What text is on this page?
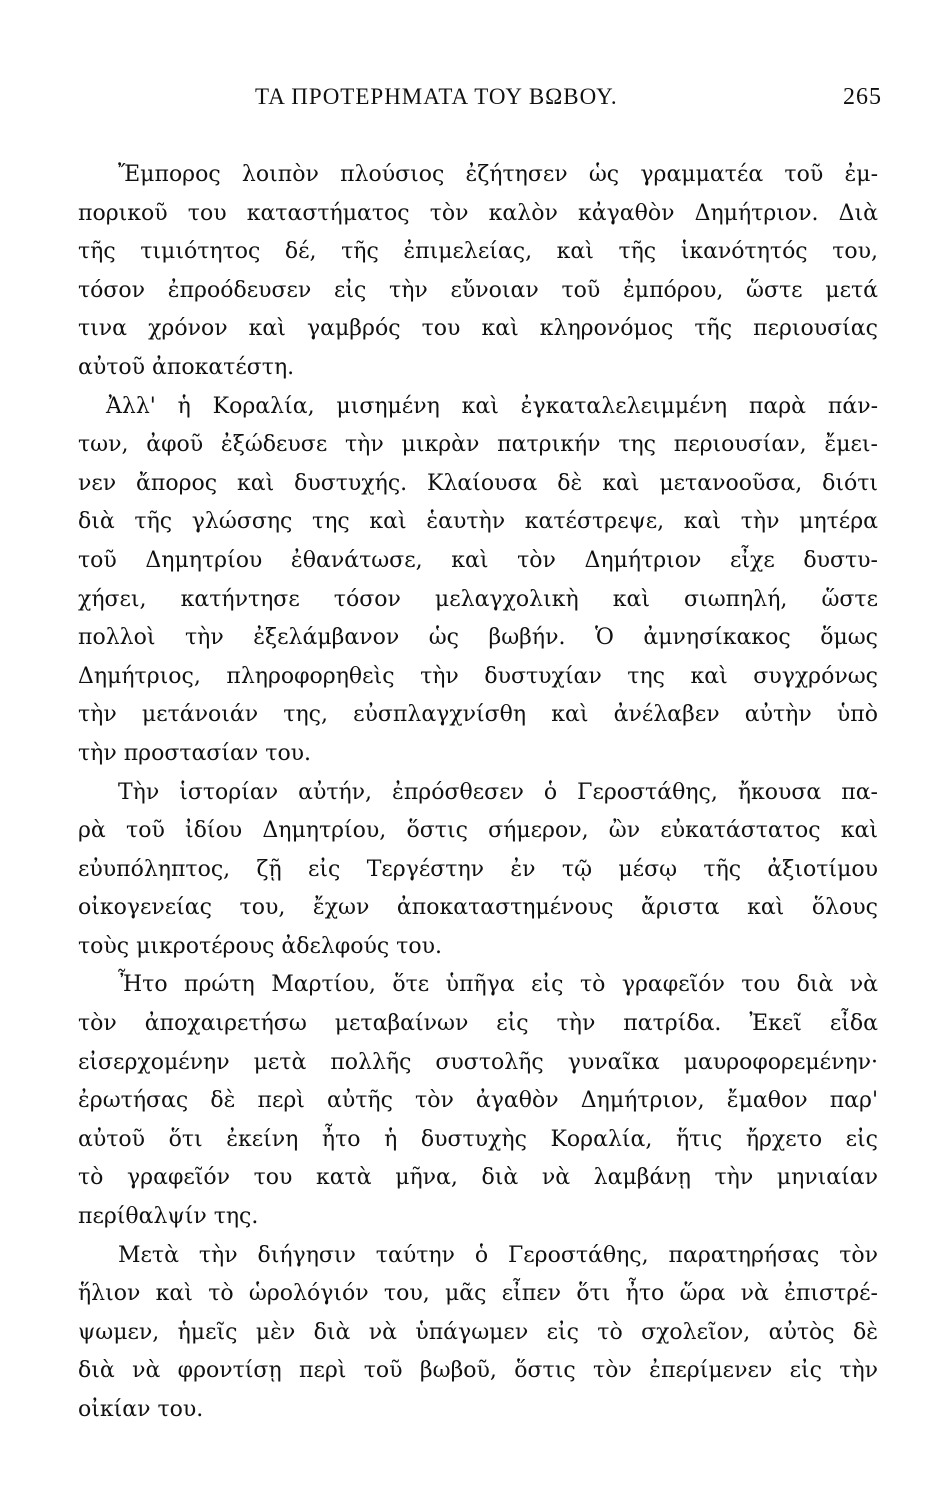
ΤΑ ΠΡΟΤΕΡΗΜΑΤΑ ΤΟΥ ΒΩΒΟΥ.	265
Ἔμπορος λοιπὸν πλούσιος ἐζήτησεν ὡς γραμματέα τοῦ ἐμ-
πορικοῦ του καταστήματος τὸν καλὸν κἀγαθὸν Δημήτριον. Διὰ
τῆς τιμιότητος δέ, τῆς ἐπιμελείας, καὶ τῆς ἱκανότητός του,
τόσον ἐπροόδευσεν εἰς τὴν εὔνοιαν τοῦ ἐμπόρου, ὥστε μετά
τινα χρόνον καὶ γαμβρός του καὶ κληρονόμος τῆς περιουσίας
αὐτοῦ ἀποκατέστη.
Ἀλλ' ἡ Κοραλία, μισημένη καὶ ἐγκαταλελειμμένη παρὰ πάν-
των, ἀφοῦ ἐξώδευσε τὴν μικρὰν πατρικήν της περιουσίαν, ἔμει-
νεν ἄπορος καὶ δυστυχής. Κλαίουσα δὲ καὶ μετανοοῦσα, διότι
διὰ τῆς γλώσσης της καὶ ἑαυτὴν κατέστρεψε, καὶ τὴν μητέρα
τοῦ Δημητρίου ἐθανάτωσε, καὶ τὸν Δημήτριον εἶχε δυστυ-
χήσει, κατήντησε τόσον μελαγχολικὴ καὶ σιωπηλή, ὥστε
πολλοὶ τὴν ἐξελάμβανον ὡς βωβήν. Ὁ ἀμνησίκακος ὅμως
Δημήτριος, πληροφορηθεὶς τὴν δυστυχίαν της καὶ συγχρόνως
τὴν μετάνοιάν της, εὐσπλαγχνίσθη καὶ ἀνέλαβεν αὐτὴν ὑπὸ
τὴν προστασίαν του.
Τὴν ἱστορίαν αὐτήν, ἐπρόσθεσεν ὁ Γεροστάθης, ἤκουσα πα-
ρὰ τοῦ ἰδίου Δημητρίου, ὅστις σήμερον, ὢν εὐκατάστατος καὶ
εὐυπόληπτος, ζῇ εἰς Τεργέστην ἐν τῷ μέσῳ τῆς ἀξιοτίμου
οἰκογενείας του, ἔχων ἀποκαταστημένους ἄριστα καὶ ὅλους
τοὺς μικροτέρους ἀδελφούς του.
Ἦτο πρώτη Μαρτίου, ὅτε ὑπῆγα εἰς τὸ γραφεῖόν του διὰ νὰ
τὸν ἀποχαιρετήσω μεταβαίνων εἰς τὴν πατρίδα. Ἐκεῖ εἶδα
εἰσερχομένην μετὰ πολλῆς συστολῆς γυναῖκα μαυροφορεμένην·
ἐρωτήσας δὲ περὶ αὐτῆς τὸν ἀγαθὸν Δημήτριον, ἔμαθον παρ'
αὐτοῦ ὅτι ἐκείνη ἦτο ἡ δυστυχὴς Κοραλία, ἥτις ἤρχετο εἰς
τὸ γραφεῖόν του κατὰ μῆνα, διὰ νὰ λαμβάνῃ τὴν μηνιαίαν
περίθαλψίν της.
Μετὰ τὴν διήγησιν ταύτην ὁ Γεροστάθης, παρατηρήσας τὸν
ἥλιον καὶ τὸ ὡρολόγιόν του, μᾶς εἶπεν ὅτι ἦτο ὥρα νὰ ἐπιστρέ-
ψωμεν, ἡμεῖς μὲν διὰ νὰ ὑπάγωμεν εἰς τὸ σχολεῖον, αὐτὸς δὲ
διὰ νὰ φροντίσῃ περὶ τοῦ βωβοῦ, ὅστις τὸν ἐπερίμενεν εἰς τὴν
οἰκίαν του.
